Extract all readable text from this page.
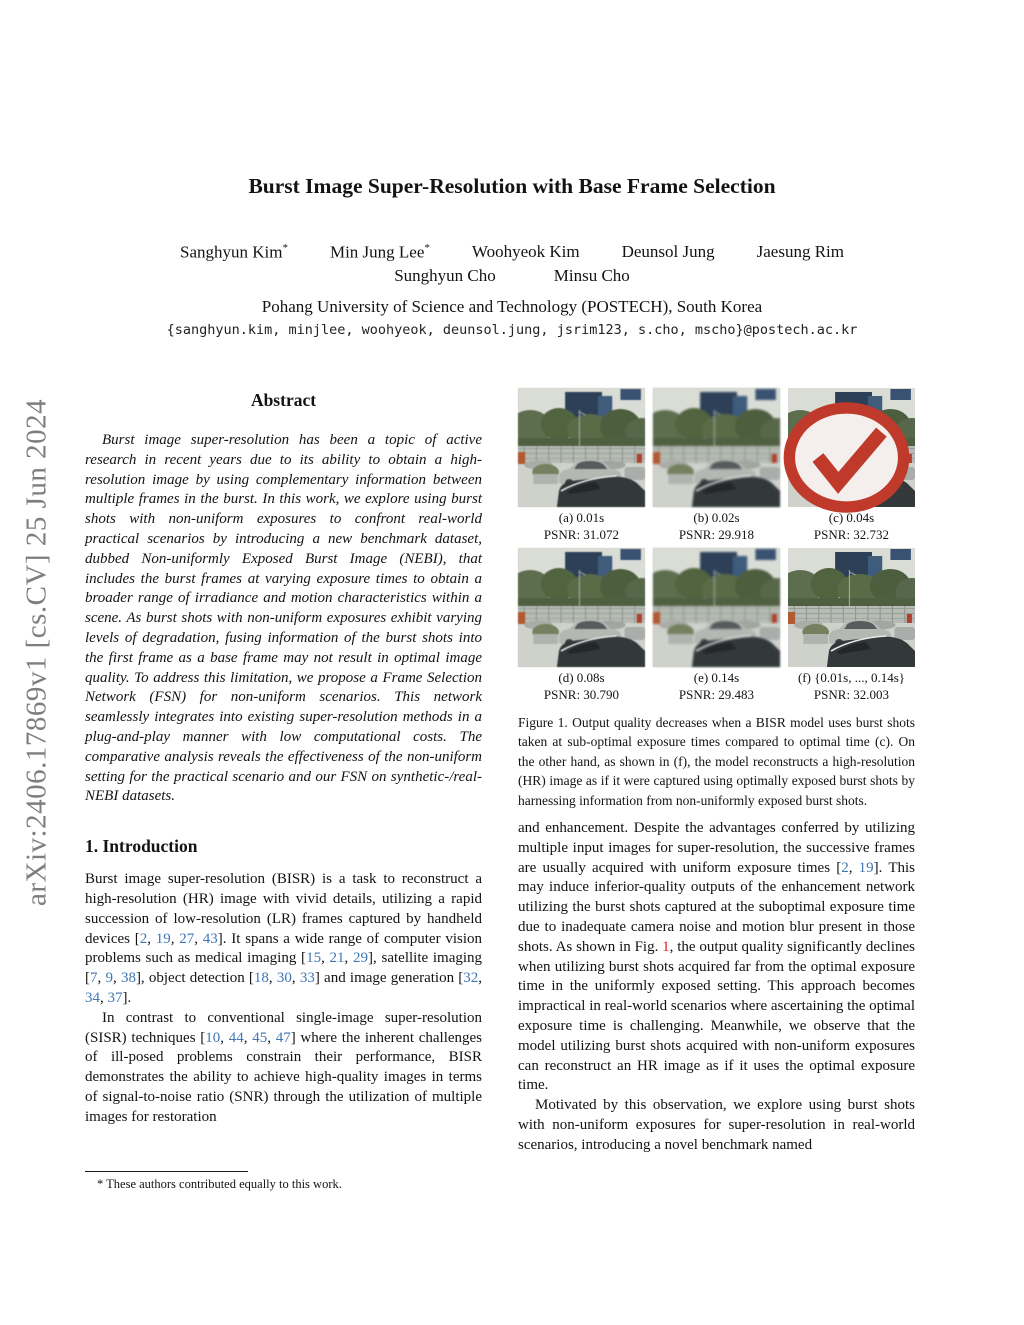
arXiv:2406.17869v1 [cs.CV] 25 Jun 2024
Burst Image Super-Resolution with Base Frame Selection
Sanghyun Kim* Min Jung Lee* Woohyeok Kim Deunsol Jung Jaesung Rim
Sunghyun Cho	Minsu Cho
Pohang University of Science and Technology (POSTECH), South Korea
{sanghyun.kim, minjlee, woohyeok, deunsol.jung, jsrim123, s.cho, mscho}@postech.ac.kr
Abstract

Burst image super-resolution has been a topic of active research in recent years due to its ability to obtain a high-resolution image by using complementary information between multiple frames in the burst. In this work, we explore using burst shots with non-uniform exposures to confront real-world practical scenarios by introducing a new benchmark dataset, dubbed Non-uniformly Exposed Burst Image (NEBI), that includes the burst frames at varying exposure times to obtain a broader range of irradiance and motion characteristics within a scene. As burst shots with non-uniform exposures exhibit varying levels of degradation, fusing information of the burst shots into the first frame as a base frame may not result in optimal image quality. To address this limitation, we propose a Frame Selection Network (FSN) for non-uniform scenarios. This network seamlessly integrates into existing super-resolution methods in a plug-and-play manner with low computational costs. The comparative analysis reveals the effectiveness of the non-uniform setting for the practical scenario and our FSN on synthetic-/real- NEBI datasets.

1. Introduction

Burst image super-resolution (BISR) is a task to reconstruct a high-resolution (HR) image with vivid details, utilizing a rapid succession of low-resolution (LR) frames captured by handheld devices [2, 19, 27, 43]. It spans a wide range of computer vision problems such as medical imaging [15, 21, 29], satellite imaging [7, 9, 38], object detection [18, 30, 33] and image generation [32, 34, 37].

In contrast to conventional single-image super-resolution (SISR) techniques [10, 44, 45, 47] where the inherent challenges of ill-posed problems constrain their performance, BISR demonstrates the ability to achieve high-quality images in terms of signal-to-noise ratio (SNR) through the utilization of multiple images for restoration

* These authors contributed equally to this work.
(a) 0.01s
PSNR: 31.072
(b) 0.02s
PSNR: 29.918
(c) 0.04s
PSNR: 32.732
(d) 0.08s
PSNR: 30.790
(e) 0.14s
PSNR: 29.483
(f) {0.01s, ..., 0.14s}
PSNR: 32.003

Figure 1. Output quality decreases when a BISR model uses burst shots taken at sub-optimal exposure times compared to optimal time (c). On the other hand, as shown in (f), the model reconstructs a high-resolution (HR) image as if it were captured using optimally exposed burst shots by harnessing information from non-uniformly exposed burst shots.

and enhancement. Despite the advantages conferred by utilizing multiple input images for super-resolution, the successive frames are usually acquired with uniform exposure times [2, 19]. This may induce inferior-quality outputs of the enhancement network utilizing the burst shots captured at the suboptimal exposure time due to inadequate camera noise and motion blur present in those shots. As shown in Fig. 1, the output quality significantly declines when utilizing burst shots acquired far from the optimal exposure time in the uniformly exposed setting. This approach becomes impractical in real-world scenarios where ascertaining the optimal exposure time is challenging. Meanwhile, we observe that the model utilizing burst shots acquired with non-uniform exposures can reconstruct an HR image as if it uses the optimal exposure time.

Motivated by this observation, we explore using burst shots with non-uniform exposures for super-resolution in real-world scenarios, introducing a novel benchmark named
